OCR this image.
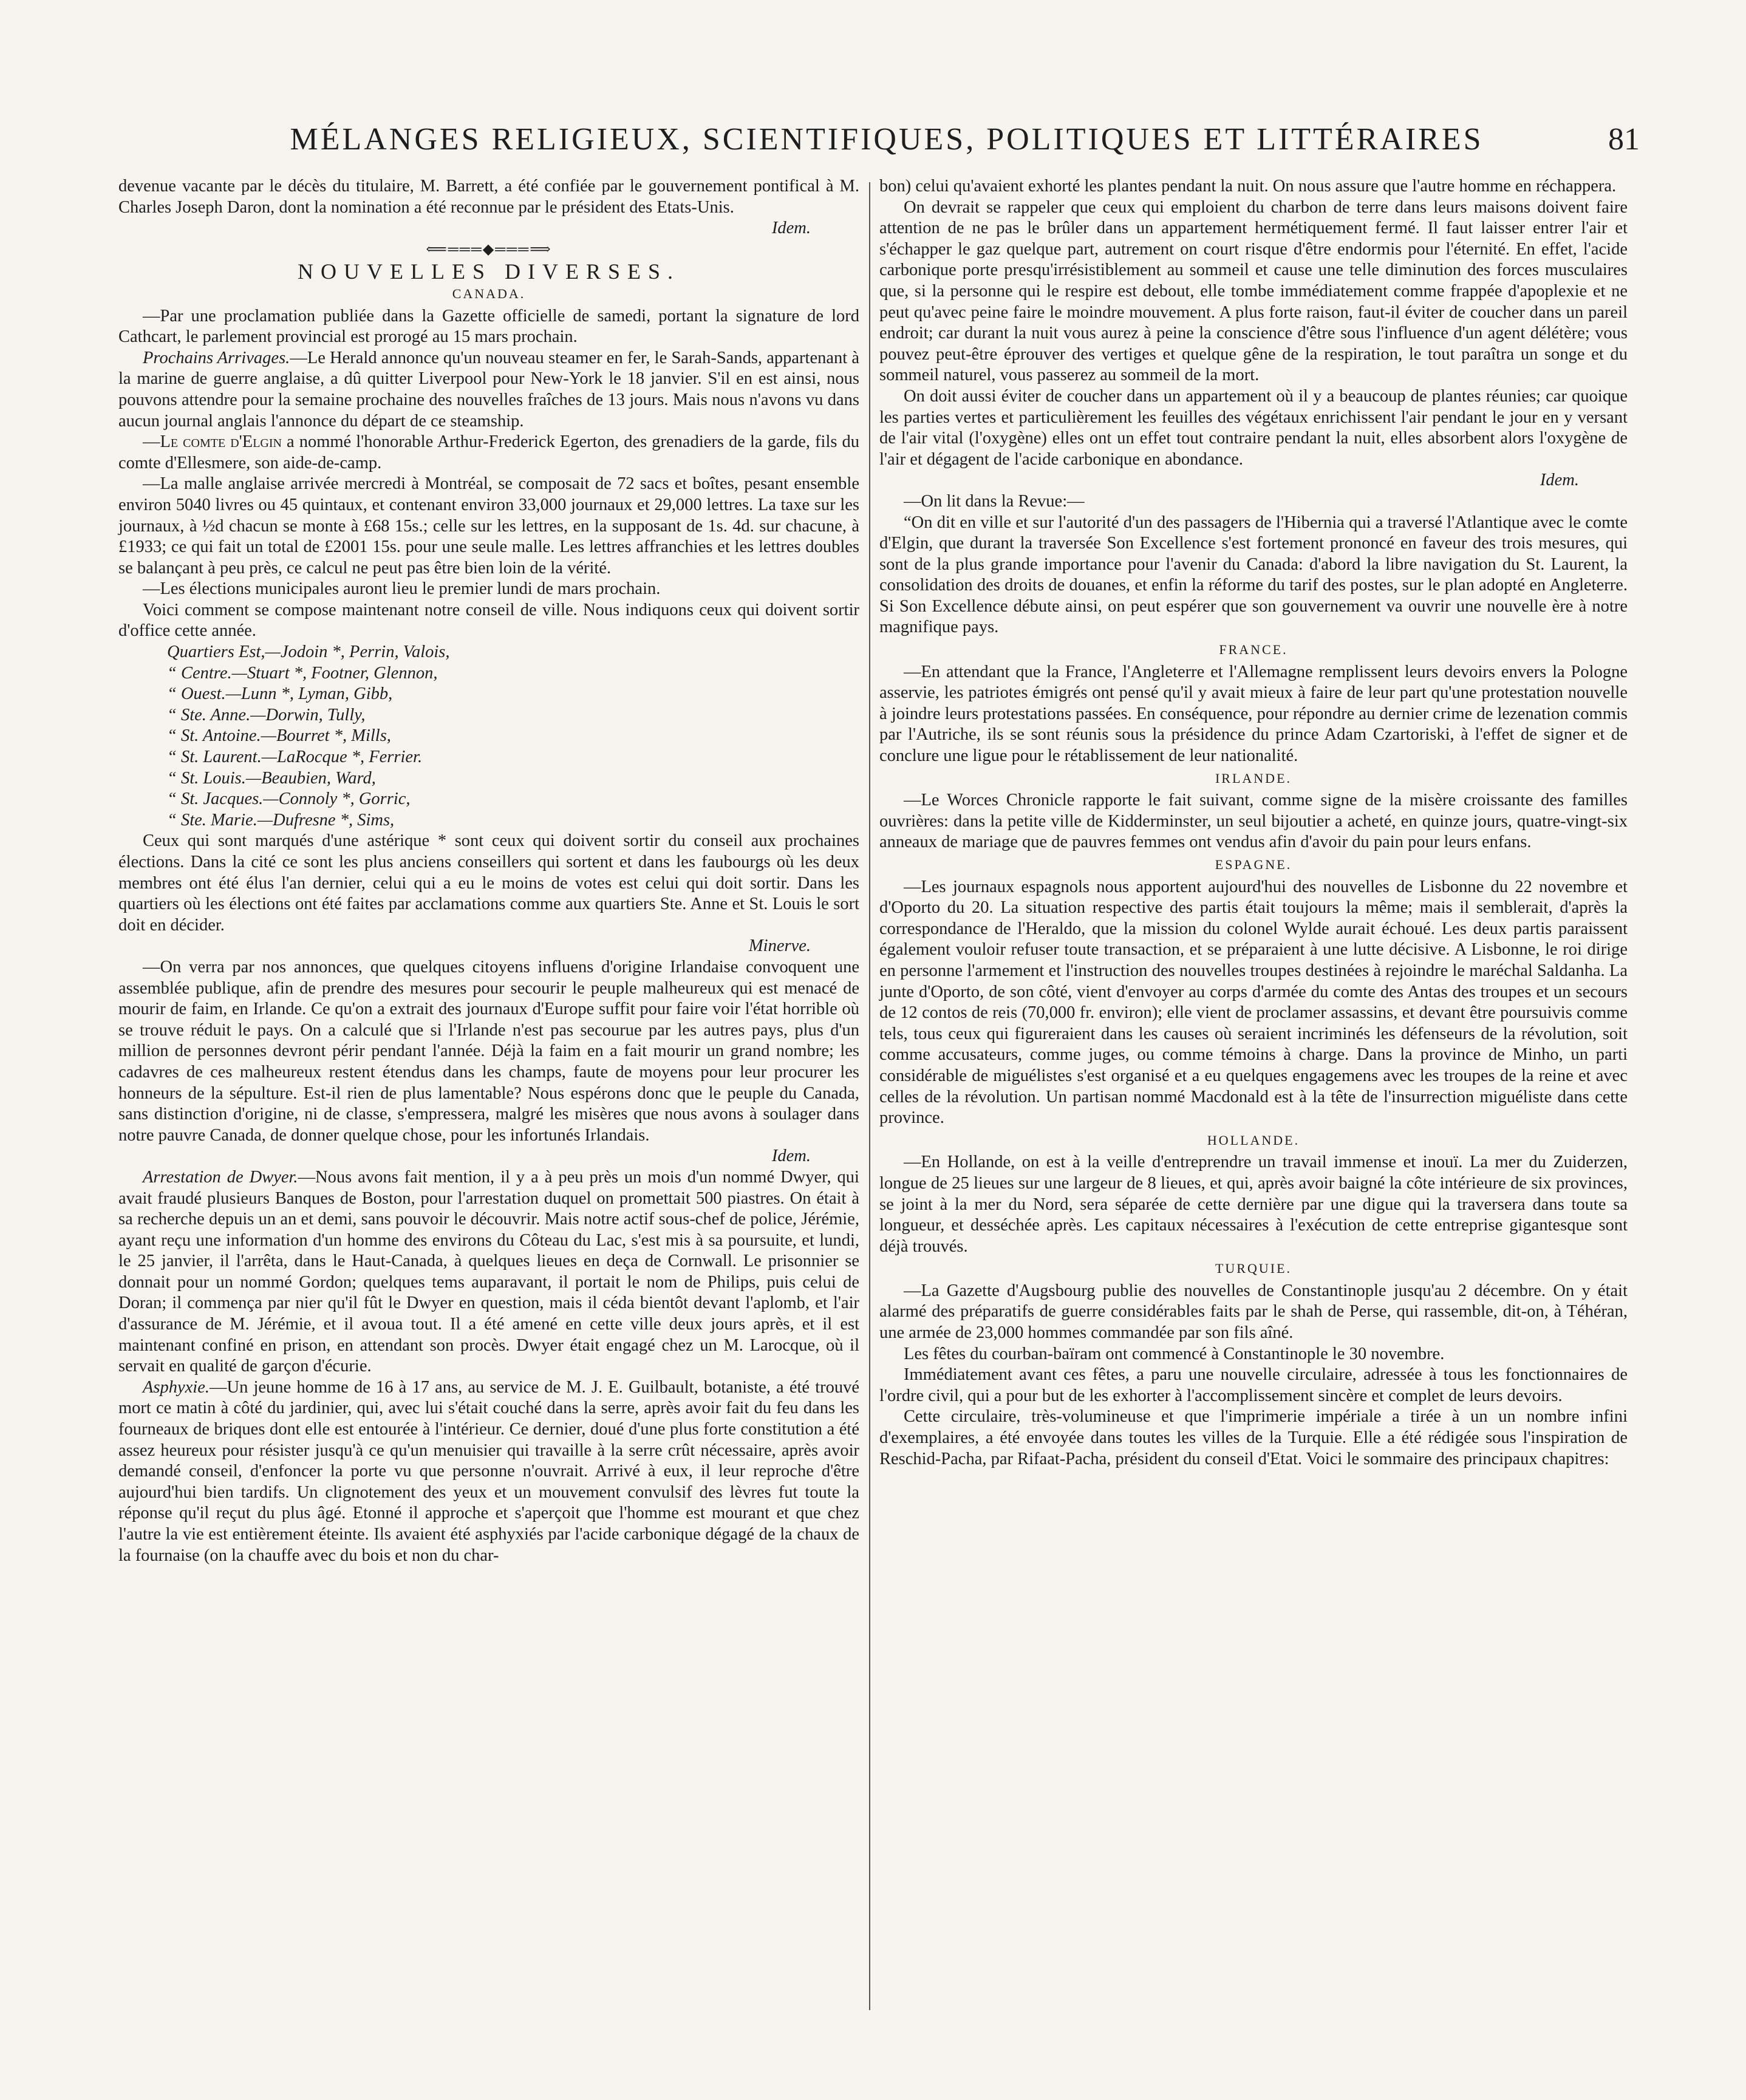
MÉLANGES RELIGIEUX, SCIENTIFIQUES, POLITIQUES ET LITTÉRAIRES	81

devenue vacante par le décès du titulaire, M. Barrett, a été confiée par le gouvernement pontifical à M. Charles Joseph Daron, dont la nomination a été reconnue par le président des Etats-Unis.
Idem.

⟸═══◆═══⟹
NOUVELLES DIVERSES.
CANADA.

—Par une proclamation publiée dans la Gazette officielle de samedi, portant la signature de lord Cathcart, le parlement provincial est prorogé au 15 mars prochain.

Prochains Arrivages.—Le Herald annonce qu'un nouveau steamer en fer, le Sarah-Sands, appartenant à la marine de guerre anglaise, a dû quitter Liverpool pour New-York le 18 janvier. S'il en est ainsi, nous pouvons attendre pour la semaine prochaine des nouvelles fraîches de 13 jours. Mais nous n'avons vu dans aucun journal anglais l'annonce du départ de ce steamship.

—Le comte d'Elgin a nommé l'honorable Arthur-Frederick Egerton, des grenadiers de la garde, fils du comte d'Ellesmere, son aide-de-camp.

—La malle anglaise arrivée mercredi à Montréal, se composait de 72 sacs et boîtes, pesant ensemble environ 5040 livres ou 45 quintaux, et contenant environ 33,000 journaux et 29,000 lettres. La taxe sur les journaux, à ½d chacun se monte à £68 15s.; celle sur les lettres, en la supposant de 1s. 4d. sur chacune, à £1933; ce qui fait un total de £2001 15s. pour une seule malle. Les lettres affranchies et les lettres doubles se balançant à peu près, ce calcul ne peut pas être bien loin de la vérité.

—Les élections municipales auront lieu le premier lundi de mars prochain.

Voici comment se compose maintenant notre conseil de ville. Nous indiquons ceux qui doivent sortir d'office cette année.

Quartiers Est,—Jodoin *, Perrin, Valois,
“ Centre.—Stuart *, Footner, Glennon,
“ Ouest.—Lunn *, Lyman, Gibb,
“ Ste. Anne.—Dorwin, Tully,
“ St. Antoine.—Bourret *, Mills,
“ St. Laurent.—LaRocque *, Ferrier.
“ St. Louis.—Beaubien, Ward,
“ St. Jacques.—Connoly *, Gorric,
“ Ste. Marie.—Dufresne *, Sims,

Ceux qui sont marqués d'une astérique * sont ceux qui doivent sortir du conseil aux prochaines élections. Dans la cité ce sont les plus anciens conseillers qui sortent et dans les faubourgs où les deux membres ont été élus l'an dernier, celui qui a eu le moins de votes est celui qui doit sortir. Dans les quartiers où les élections ont été faites par acclamations comme aux quartiers Ste. Anne et St. Louis le sort doit en décider.
Minerve.

—On verra par nos annonces, que quelques citoyens influens d'origine Irlandaise convoquent une assemblée publique, afin de prendre des mesures pour secourir le peuple malheureux qui est menacé de mourir de faim, en Irlande. Ce qu'on a extrait des journaux d'Europe suffit pour faire voir l'état horrible où se trouve réduit le pays. On a calculé que si l'Irlande n'est pas secourue par les autres pays, plus d'un million de personnes devront périr pendant l'année. Déjà la faim en a fait mourir un grand nombre; les cadavres de ces malheureux restent étendus dans les champs, faute de moyens pour leur procurer les honneurs de la sépulture. Est-il rien de plus lamentable? Nous espérons donc que le peuple du Canada, sans distinction d'origine, ni de classe, s'empressera, malgré les misères que nous avons à soulager dans notre pauvre Canada, de donner quelque chose, pour les infortunés Irlandais.
Idem.

Arrestation de Dwyer.—Nous avons fait mention, il y a à peu près un mois d'un nommé Dwyer, qui avait fraudé plusieurs Banques de Boston, pour l'arrestation duquel on promettait 500 piastres. On était à sa recherche depuis un an et demi, sans pouvoir le découvrir. Mais notre actif sous-chef de police, Jérémie, ayant reçu une information d'un homme des environs du Côteau du Lac, s'est mis à sa poursuite, et lundi, le 25 janvier, il l'arrêta, dans le Haut-Canada, à quelques lieues en deça de Cornwall. Le prisonnier se donnait pour un nommé Gordon; quelques tems auparavant, il portait le nom de Philips, puis celui de Doran; il commença par nier qu'il fût le Dwyer en question, mais il céda bientôt devant l'aplomb, et l'air d'assurance de M. Jérémie, et il avoua tout. Il a été amené en cette ville deux jours après, et il est maintenant confiné en prison, en attendant son procès. Dwyer était engagé chez un M. Larocque, où il servait en qualité de garçon d'écurie.

Asphyxie.—Un jeune homme de 16 à 17 ans, au service de M. J. E. Guilbault, botaniste, a été trouvé mort ce matin à côté du jardinier, qui, avec lui s'était couché dans la serre, après avoir fait du feu dans les fourneaux de briques dont elle est entourée à l'intérieur. Ce dernier, doué d'une plus forte constitution a été assez heureux pour résister jusqu'à ce qu'un menuisier qui travaille à la serre crût nécessaire, après avoir demandé conseil, d'enfoncer la porte vu que personne n'ouvrait. Arrivé à eux, il leur reproche d'être aujourd'hui bien tardifs. Un clignotement des yeux et un mouvement convulsif des lèvres fut toute la réponse qu'il reçut du plus âgé. Etonné il approche et s'aperçoit que l'homme est mourant et que chez l'autre la vie est entièrement éteinte. Ils avaient été asphyxiés par l'acide carbonique dégagé de la chaux de la fournaise (on la chauffe avec du bois et non du char-

bon) celui qu'avaient exhorté les plantes pendant la nuit. On nous assure que l'autre homme en réchappera.

On devrait se rappeler que ceux qui emploient du charbon de terre dans leurs maisons doivent faire attention de ne pas le brûler dans un appartement hermétiquement fermé. Il faut laisser entrer l'air et s'échapper le gaz quelque part, autrement on court risque d'être endormis pour l'éternité. En effet, l'acide carbonique porte presqu'irrésistiblement au sommeil et cause une telle diminution des forces musculaires que, si la personne qui le respire est debout, elle tombe immédiatement comme frappée d'apoplexie et ne peut qu'avec peine faire le moindre mouvement. A plus forte raison, faut-il éviter de coucher dans un pareil endroit; car durant la nuit vous aurez à peine la conscience d'être sous l'influence d'un agent délétère; vous pouvez peut-être éprouver des vertiges et quelque gêne de la respiration, le tout paraîtra un songe et du sommeil naturel, vous passerez au sommeil de la mort.

On doit aussi éviter de coucher dans un appartement où il y a beaucoup de plantes réunies; car quoique les parties vertes et particulièrement les feuilles des végétaux enrichissent l'air pendant le jour en y versant de l'air vital (l'oxygène) elles ont un effet tout contraire pendant la nuit, elles absorbent alors l'oxygène de l'air et dégagent de l'acide carbonique en abondance.
Idem.

—On lit dans la Revue:—

“On dit en ville et sur l'autorité d'un des passagers de l'Hibernia qui a traversé l'Atlantique avec le comte d'Elgin, que durant la traversée Son Excellence s'est fortement prononcé en faveur des trois mesures, qui sont de la plus grande importance pour l'avenir du Canada: d'abord la libre navigation du St. Laurent, la consolidation des droits de douanes, et enfin la réforme du tarif des postes, sur le plan adopté en Angleterre. Si Son Excellence débute ainsi, on peut espérer que son gouvernement va ouvrir une nouvelle ère à notre magnifique pays.

FRANCE.

—En attendant que la France, l'Angleterre et l'Allemagne remplissent leurs devoirs envers la Pologne asservie, les patriotes émigrés ont pensé qu'il y avait mieux à faire de leur part qu'une protestation nouvelle à joindre leurs protestations passées. En conséquence, pour répondre au dernier crime de lezenation commis par l'Autriche, ils se sont réunis sous la présidence du prince Adam Czartoriski, à l'effet de signer et de conclure une ligue pour le rétablissement de leur nationalité.

IRLANDE.

—Le Worces Chronicle rapporte le fait suivant, comme signe de la misère croissante des familles ouvrières: dans la petite ville de Kidderminster, un seul bijoutier a acheté, en quinze jours, quatre-vingt-six anneaux de mariage que de pauvres femmes ont vendus afin d'avoir du pain pour leurs enfans.

ESPAGNE.

—Les journaux espagnols nous apportent aujourd'hui des nouvelles de Lisbonne du 22 novembre et d'Oporto du 20. La situation respective des partis était toujours la même; mais il semblerait, d'après la correspondance de l'Heraldo, que la mission du colonel Wylde aurait échoué. Les deux partis paraissent également vouloir refuser toute transaction, et se préparaient à une lutte décisive. A Lisbonne, le roi dirige en personne l'armement et l'instruction des nouvelles troupes destinées à rejoindre le maréchal Saldanha. La junte d'Oporto, de son côté, vient d'envoyer au corps d'armée du comte des Antas des troupes et un secours de 12 contos de reis (70,000 fr. environ); elle vient de proclamer assassins, et devant être poursuivis comme tels, tous ceux qui figureraient dans les causes où seraient incriminés les défenseurs de la révolution, soit comme accusateurs, comme juges, ou comme témoins à charge. Dans la province de Minho, un parti considérable de miguélistes s'est organisé et a eu quelques engagemens avec les troupes de la reine et avec celles de la révolution. Un partisan nommé Macdonald est à la tête de l'insurrection miguéliste dans cette province.

HOLLANDE.

—En Hollande, on est à la veille d'entreprendre un travail immense et inouï. La mer du Zuiderzen, longue de 25 lieues sur une largeur de 8 lieues, et qui, après avoir baigné la côte intérieure de six provinces, se joint à la mer du Nord, sera séparée de cette dernière par une digue qui la traversera dans toute sa longueur, et desséchée après. Les capitaux nécessaires à l'exécution de cette entreprise gigantesque sont déjà trouvés.

TURQUIE.

—La Gazette d'Augsbourg publie des nouvelles de Constantinople jusqu'au 2 décembre. On y était alarmé des préparatifs de guerre considérables faits par le shah de Perse, qui rassemble, dit-on, à Téhéran, une armée de 23,000 hommes commandée par son fils aîné.

Les fêtes du courban-baïram ont commencé à Constantinople le 30 novembre.

Immédiatement avant ces fêtes, a paru une nouvelle circulaire, adressée à tous les fonctionnaires de l'ordre civil, qui a pour but de les exhorter à l'accomplissement sincère et complet de leurs devoirs.

Cette circulaire, très-volumineuse et que l'imprimerie impériale a tirée à un un nombre infini d'exemplaires, a été envoyée dans toutes les villes de la Turquie. Elle a été rédigée sous l'inspiration de Reschid-Pacha, par Rifaat-Pacha, président du conseil d'Etat. Voici le sommaire des principaux chapitres:
